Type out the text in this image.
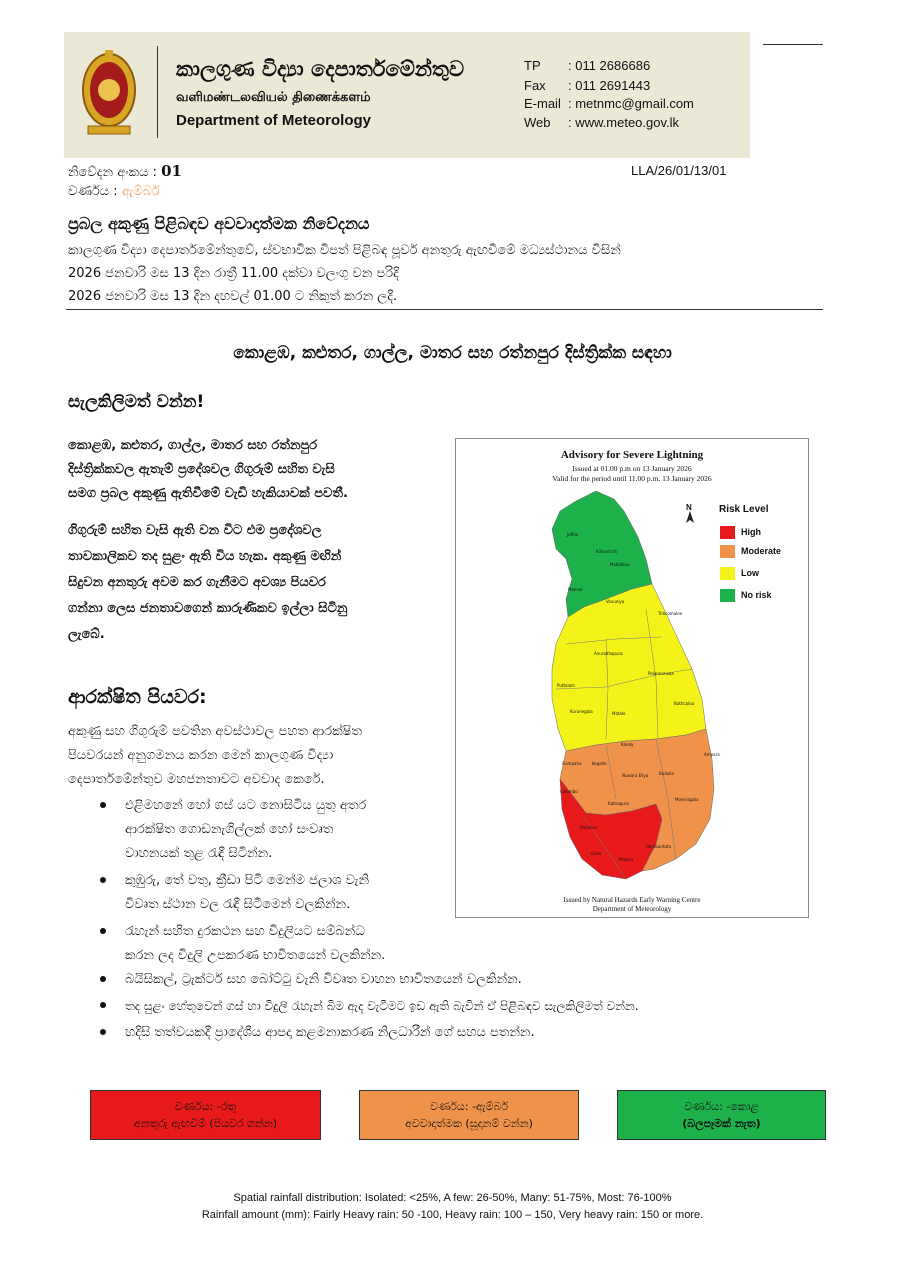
කාලගුණ විද්‍යා දෙපාර්තමේන්තුව
வளிமண்டலவியல் திணைக்களம்
Department of Meteorology
TP : 011 2686686
Fax : 011 2691443
E-mail : metnmc@gmail.com
Web : www.meteo.gov.lk
නිවේදන අංකය : 01
වර්ණය : ඇම්බර්
LLA/26/01/13/01
ප්‍රබල අකුණු පිළිබඳව අවවාදාත්මක නිවේදනය
කාලගුණ විද්‍යා දෙපාර්තමේන්තුවේ, ස්වභාවික විපත් පිළිබඳ පූර්ව අනතුරු ඇඟවීමේ මධ්‍යස්ථානය විසින්
2026 ජනවාරි මස 13 දින රාත්‍රී 11.00 දක්වා වලංගු වන පරිදි
2026 ජනවාරි මස 13 දින දහවල් 01.00 ට නිකුත් කරන ලදී.
කොළඹ, කළුතර, ගාල්ල, මාතර සහ රත්නපුර දිස්ත්‍රික්ක සඳහා
සැලකිලිමත් වන්න!
කොළඹ, කළුතර, ගාල්ල, මාතර සහ රත්නපුර
දිස්ත්‍රික්කවල ඇතැම් ප්‍රදේශවල ගිගුරුම් සහිත වැසි
සමග ප්‍රබල අකුණු ඇතිවීමේ වැඩි හැකියාවක් පවතී.
ගිගුරුම් සහිත වැසි ඇති වන විට එම ප්‍රදේශවල
තාවකාලිකව තද සුළං ඇති විය හැක. අකුණු මඟින්
සිදුවන අනතුරු අවම කර ගැනීමට අවශ්‍ය පියවර
ගන්නා ලෙස ජනතාවගෙන් කාරුණිකව ඉල්ලා සිටිනු
ලැබේ.
ආරක්ෂිත පියවර:
අකුණු සහ ගිගුරුම් පවතින අවස්ථාවල පහත ආරක්ෂිත
පියවරයන් අනුගමනය කරන මෙන් කාලගුණ විද්‍යා
දෙපාර්තමේන්තුව මහජනතාවට අවවාද කෙරේ.
එළිමහනේ හෝ ගස් යට නොසිටිය යුතු අතර
ආරක්ෂිත ගොඩනැගිල්ලක් හෝ සංවෘත
වාහනයක් තුළ රැඳී සිටින්න.
කුඹුරු, තේ වතු, ක්‍රීඩා පිටි මෙන්ම ජලාශ වැනි
විවෘත ස්ථාන වල රැඳී සිටීමෙන් වලකින්න.
රැහැන් සහිත දුරකථන සහ විදුලියට සම්බන්ධ
කරන ලද විදුලි උපකරණ භාවිතයෙන් වලකින්න.
බයිසිකල්, ට්‍රැක්ටර් සහ බෝට්ටු වැනි විවෘත වාහන භාවිතයෙන් වලකින්න.
තද සුළං හේතුවෙන් ගස් හා විදුලි රැහැන් බිම ඇද වැටීමට ඉඩ ඇති බැවින් ඒ පිළිබඳව සැලකිලිමත් වන්න.
හදිසි තත්වයකදී ප්‍රාදේශීය ආපදා කළමනාකරණ නිලධාරීන් ගේ සහය පතන්න.
Advisory for Severe Lightning
Issued at 01.00 p.m on 13 January 2026
Valid for the period until 11.00 p.m. 13 January 2026
Jaffna
Kilinochchi
Mullaitivu
Mannar
Vavuniya
Trincomalee
Anuradhapura
Puttalam
Polonnaruwa
Batticaloa
Kurunegala	Matale
Kandy
Ampara
Gampaha	Kegalle
Nuwara Eliya	Badulla
Colombo
Ratnapura
Moneragala
Kalutara
Hambantota
Galle
Matara
N	Risk Level
High
Moderate
Low
No risk
Issued by Natural Hazards Early Warning Centre
Department of Meteorology
වර්ණය: -රතු
අනතුරු ඇඟවීම් (පියවර ගන්න)
වර්ණය: -ඇම්බර්
අවවාදාත්මක (සූදානම් වන්න)
වර්ණය: -කොළ
(බලපෑමක් නැත)
Spatial rainfall distribution: Isolated: <25%, A few: 26-50%, Many: 51-75%, Most: 76-100%
Rainfall amount (mm): Fairly Heavy rain: 50 -100, Heavy rain: 100 – 150, Very heavy rain: 150 or more.
